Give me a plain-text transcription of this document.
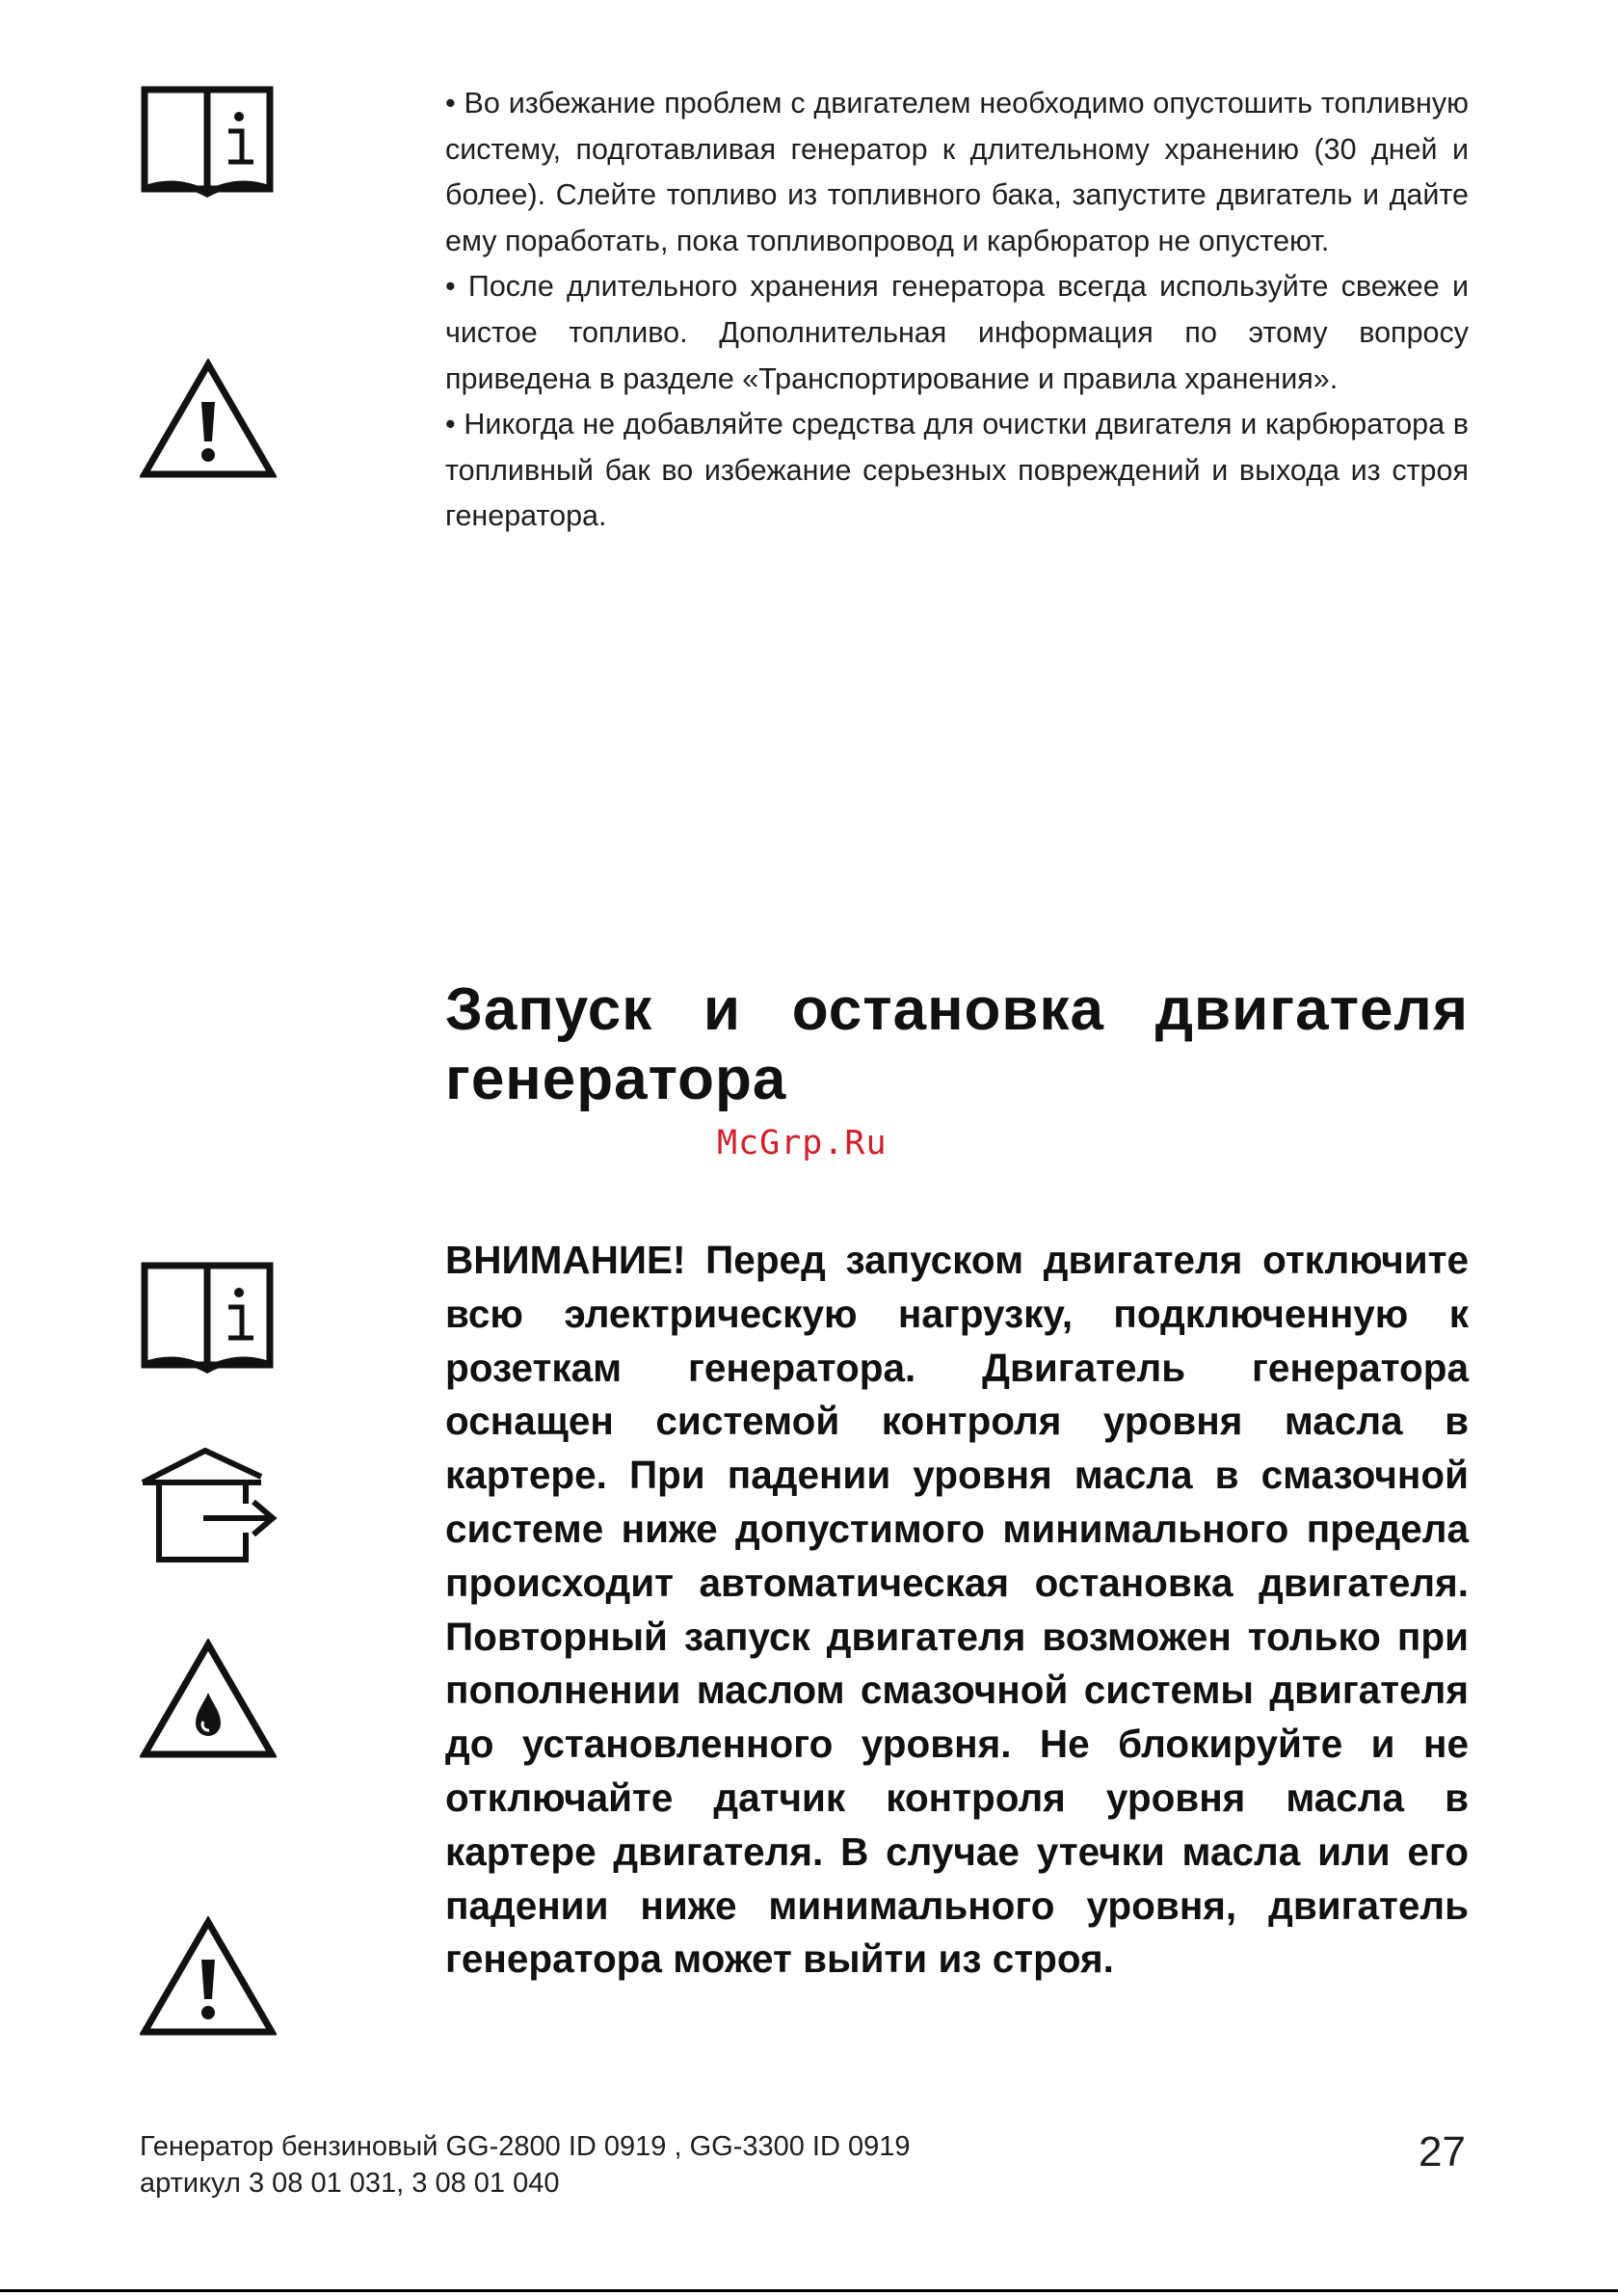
• Во избежание проблем с двигателем необходимо опустошить топливную систему, подготавливая генератор к длительному хранению (30 дней и более). Слейте топливо из топливного бака, запустите двигатель и дайте ему поработать, пока топливопровод и карбюратор не опустеют.

• После длительного хранения генератора всегда используйте свежее и чистое топливо. Дополнительная информация по этому вопросу приведена в разделе «Транспортирование и правила хранения».

• Никогда не добавляйте средства для очистки двигателя и карбюратора в топливный бак во избежание серьезных повреждений и выхода из строя генератора.

Запуск и остановка двигателя генератора
McGrp.Ru

ВНИМАНИЕ! Перед запуском двигателя отключите всю электрическую нагрузку, подключенную к розеткам генератора. Двигатель генератора оснащен системой контроля уровня масла в картере. При падении уровня масла в смазочной системе ниже допустимого минимального предела происходит автоматическая остановка двигателя. Повторный запуск двигателя возможен только при пополнении маслом смазочной системы двигателя до установленного уровня. Не блокируйте и не отключайте датчик контроля уровня масла в картере двигателя. В случае утечки масла или его падении ниже минимального уровня, двигатель генератора может выйти из строя.

Генератор бензиновый GG-2800 ID 0919 , GG-3300 ID 0919
артикул 3 08 01 031, 3 08 01 040
27
